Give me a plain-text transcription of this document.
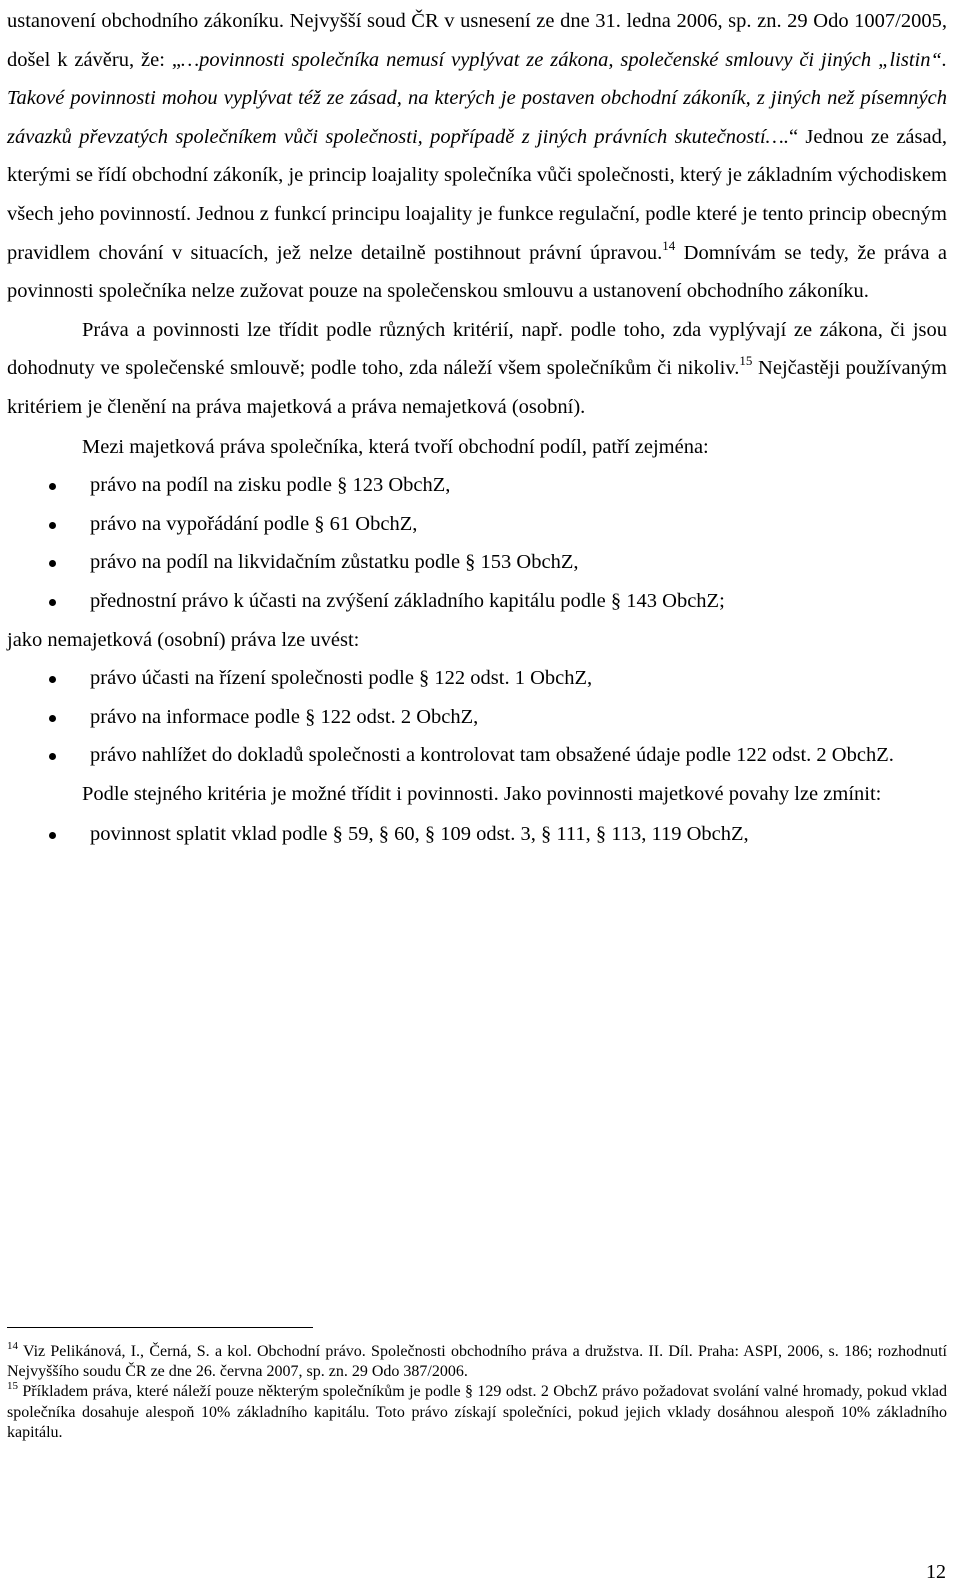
ustanovení obchodního zákoníku. Nejvyšší soud ČR v usnesení ze dne 31. ledna 2006, sp. zn. 29 Odo 1007/2005, došel k závěru, že: „…povinnosti společníka nemusí vyplývat ze zákona, společenské smlouvy či jiných „listin“. Takové povinnosti mohou vyplývat též ze zásad, na kterých je postaven obchodní zákoník, z jiných než písemných závazků převzatých společníkem vůči společnosti, popřípadě z jiných právních skutečností….“ Jednou ze zásad, kterými se řídí obchodní zákoník, je princip loajality společníka vůči společnosti, který je základním východiskem všech jeho povinností. Jednou z funkcí principu loajality je funkce regulační, podle které je tento princip obecným pravidlem chování v situacích, jež nelze detailně postihnout právní úpravou.$^{14}$ Domnívám se tedy, že práva a povinnosti společníka nelze zužovat pouze na společenskou smlouvu a ustanovení obchodního zákoníku.

Práva a povinnosti lze třídit podle různých kritérií, např. podle toho, zda vyplývají ze zákona, či jsou dohodnuty ve společenské smlouvě; podle toho, zda náleží všem společníkům či nikoliv.$^{15}$ Nejčastěji používaným kritériem je členění na práva majetková a práva nemajetková (osobní).

Mezi majetková práva společníka, která tvoří obchodní podíl, patří zejména:

právo na podíl na zisku podle § 123 ObchZ,
právo na vypořádání podle § 61 ObchZ,
právo na podíl na likvidačním zůstatku podle § 153 ObchZ,
přednostní právo k účasti na zvýšení základního kapitálu podle § 143 ObchZ;

jako nemajetková (osobní) práva lze uvést:

právo účasti na řízení společnosti podle § 122 odst. 1 ObchZ,
právo na informace podle § 122 odst. 2 ObchZ,
právo nahlížet do dokladů společnosti a kontrolovat tam obsažené údaje podle 122 odst. 2 ObchZ.

Podle stejného kritéria je možné třídit i povinnosti. Jako povinnosti majetkové povahy lze zmínit:

povinnost splatit vklad podle § 59, § 60, § 109 odst. 3, § 111, § 113, 119 ObchZ,

$^{14}$ Viz Pelikánová, I., Černá, S. a kol. Obchodní právo. Společnosti obchodního práva a družstva. II. Díl. Praha: ASPI, 2006, s. 186; rozhodnutí Nejvyššího soudu ČR ze dne 26. června 2007, sp. zn. 29 Odo 387/2006.

$^{15}$ Příkladem práva, které náleží pouze některým společníkům je podle § 129 odst. 2 ObchZ právo požadovat svolání valné hromady, pokud vklad společníka dosahuje alespoň 10% základního kapitálu. Toto právo získají společníci, pokud jejich vklady dosáhnou alespoň 10% základního kapitálu.

12
